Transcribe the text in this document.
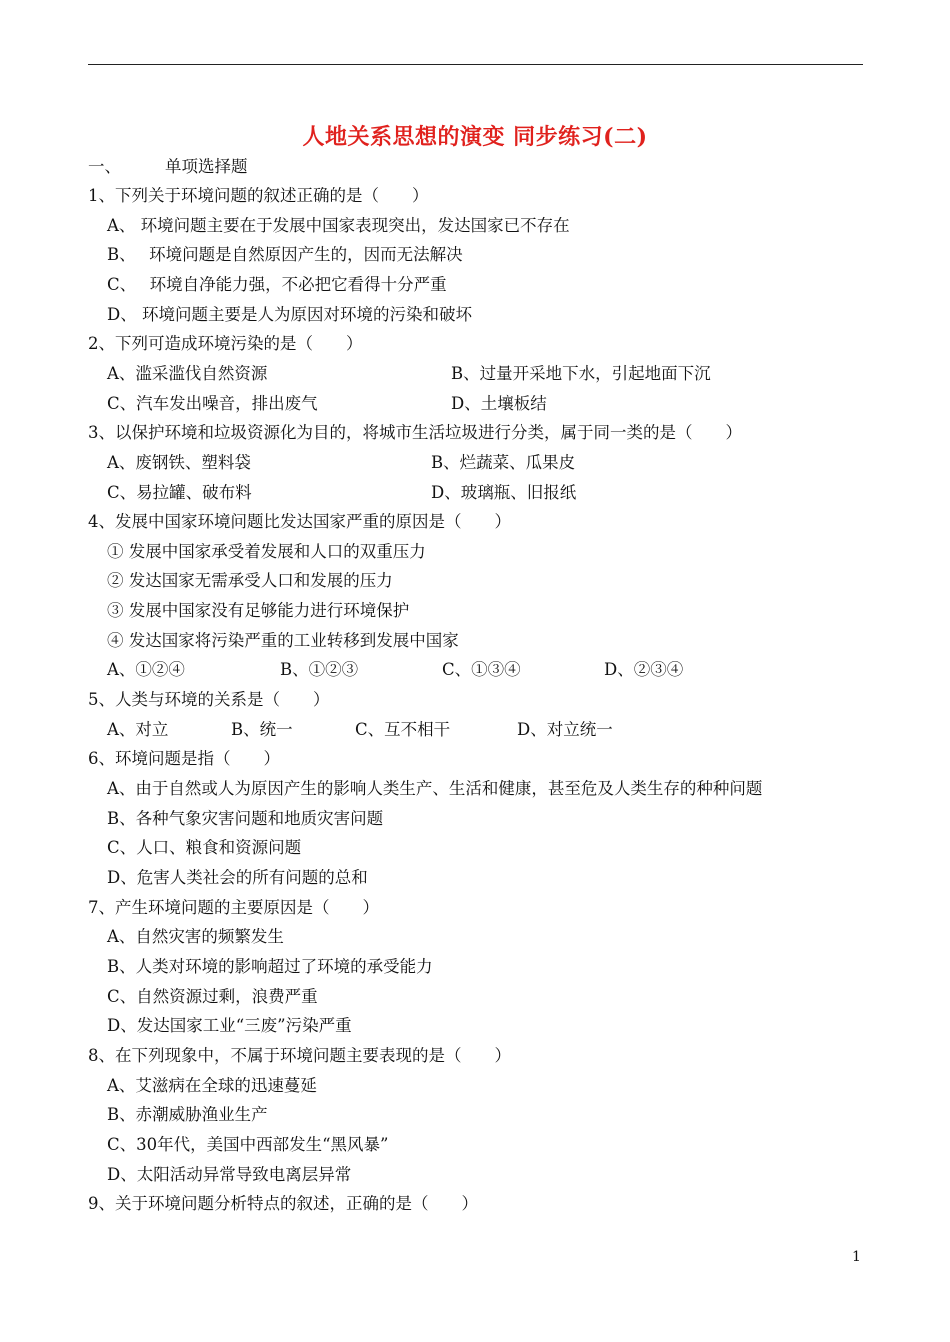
人地关系思想的演变 同步练习(二)
一、	单项选择题
1、下列关于环境问题的叙述正确的是（　　）
A、 环境问题主要在于发展中国家表现突出，发达国家已不存在
B、　 环境问题是自然原因产生的，因而无法解决
C、　 环境自净能力强，不必把它看得十分严重
D、 环境问题主要是人为原因对环境的污染和破坏
2、下列可造成环境污染的是（　　）
A、滥采滥伐自然资源	B、过量开采地下水，引起地面下沉
C、汽车发出噪音，排出废气	D、土壤板结
3、以保护环境和垃圾资源化为目的，将城市生活垃圾进行分类，属于同一类的是（　　）
A、废钢铁、塑料袋	B、烂蔬菜、瓜果皮
C、易拉罐、破布料	D、玻璃瓶、旧报纸
4、发展中国家环境问题比发达国家严重的原因是（　　）
① 发展中国家承受着发展和人口的双重压力
② 发达国家无需承受人口和发展的压力
③ 发展中国家没有足够能力进行环境保护
④ 发达国家将污染严重的工业转移到发展中国家
A、①②④	B、①②③	C、①③④	D、②③④
5、人类与环境的关系是（　　）
A、对立	B、统一	C、互不相干	D、对立统一
6、环境问题是指（　　）
A、由于自然或人为原因产生的影响人类生产、生活和健康，甚至危及人类生存的种种问题
B、各种气象灾害问题和地质灾害问题
C、人口、粮食和资源问题
D、危害人类社会的所有问题的总和
7、产生环境问题的主要原因是（　　）
A、自然灾害的频繁发生
B、人类对环境的影响超过了环境的承受能力
C、自然资源过剩，浪费严重
D、发达国家工业“三废”污染严重
8、在下列现象中，不属于环境问题主要表现的是（　　）
A、艾滋病在全球的迅速蔓延
B、赤潮威胁渔业生产
C、30年代，美国中西部发生“黑风暴”
D、太阳活动异常导致电离层异常
9、关于环境问题分析特点的叙述，正确的是（　　）
1
